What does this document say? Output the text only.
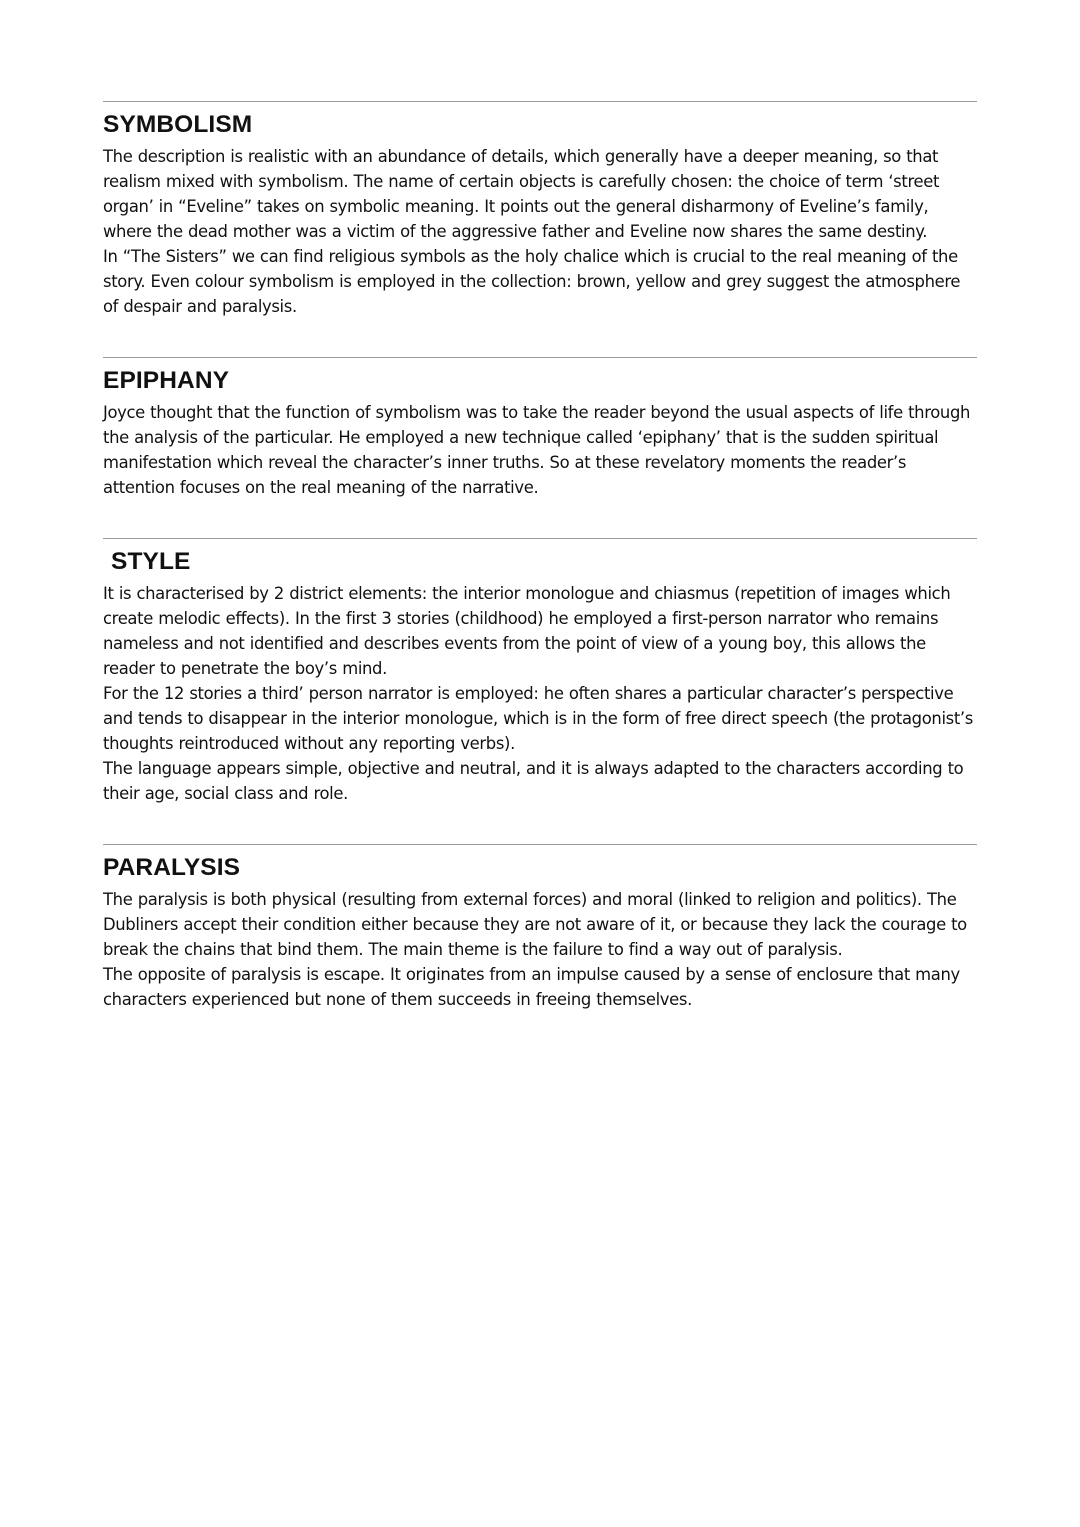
SYMBOLISM

The description is realistic with an abundance of details, which generally have a deeper meaning, so that realism mixed with symbolism. The name of certain objects is carefully chosen: the choice of term ‘street organ’ in “Eveline” takes on symbolic meaning. It points out the general disharmony of Eveline’s family, where the dead mother was a victim of the aggressive father and Eveline now shares the same destiny.

In “The Sisters” we can find religious symbols as the holy chalice which is crucial to the real meaning of the story. Even colour symbolism is employed in the collection: brown, yellow and grey suggest the atmosphere of despair and paralysis.

EPIPHANY

Joyce thought that the function of symbolism was to take the reader beyond the usual aspects of life through the analysis of the particular. He employed a new technique called ‘epiphany’ that is the sudden spiritual manifestation which reveal the character’s inner truths. So at these revelatory moments the reader’s attention focuses on the real meaning of the narrative.

STYLE

It is characterised by 2 district elements: the interior monologue and chiasmus (repetition of images which create melodic effects). In the first 3 stories (childhood) he employed a first-person narrator who remains nameless and not identified and describes events from the point of view of a young boy, this allows the reader to penetrate the boy’s mind.

For the 12 stories a third’ person narrator is employed: he often shares a particular character’s perspective and tends to disappear in the interior monologue, which is in the form of free direct speech (the protagonist’s thoughts reintroduced without any reporting verbs).

The language appears simple, objective and neutral, and it is always adapted to the characters according to their age, social class and role.

PARALYSIS

The paralysis is both physical (resulting from external forces) and moral (linked to religion and politics). The Dubliners accept their condition either because they are not aware of it, or because they lack the courage to break the chains that bind them. The main theme is the failure to find a way out of paralysis.

The opposite of paralysis is escape. It originates from an impulse caused by a sense of enclosure that many characters experienced but none of them succeeds in freeing themselves.
